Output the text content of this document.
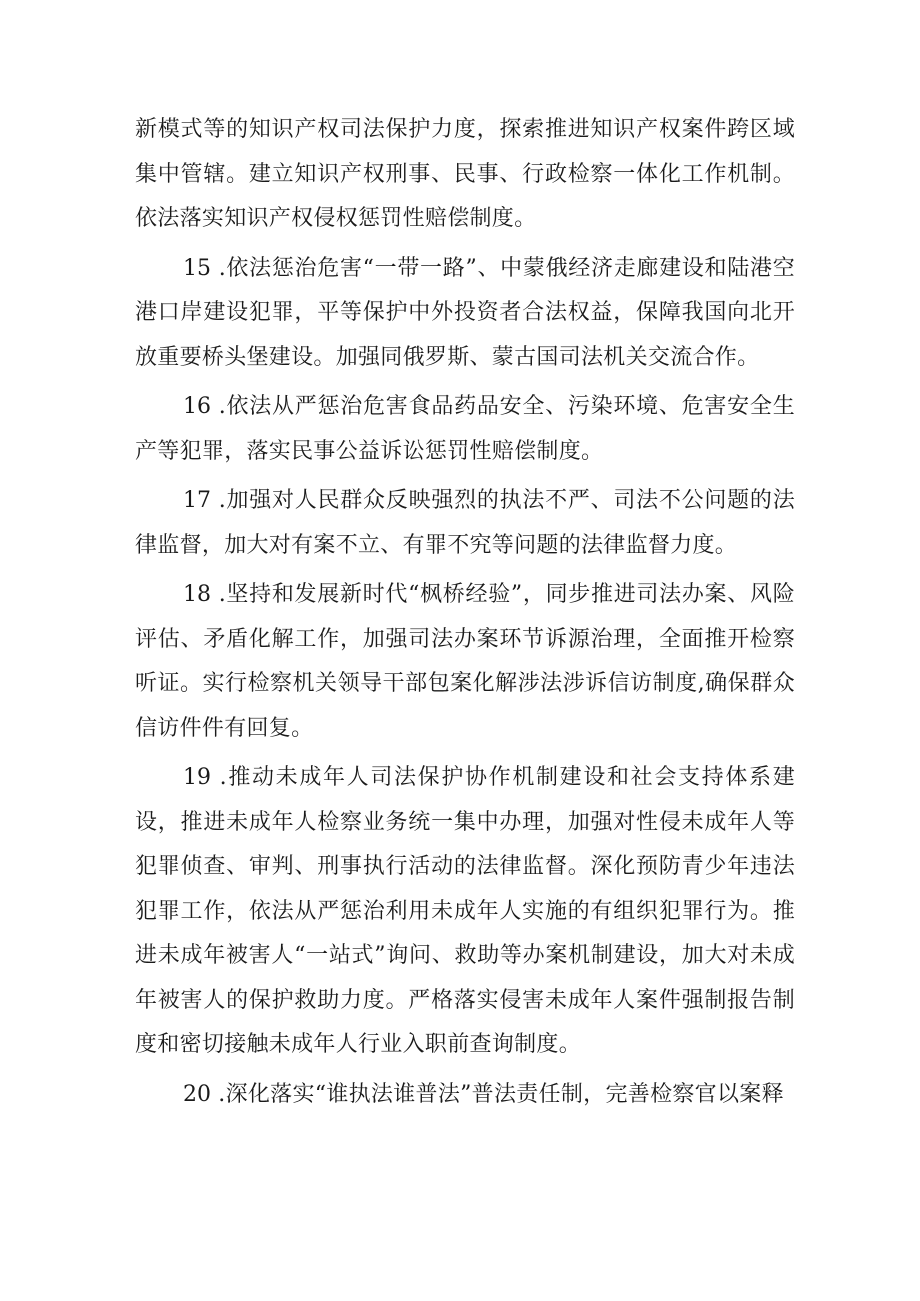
新模式等的知识产权司法保护力度，探索推进知识产权案件跨区域集中管辖。建立知识产权刑事、民事、行政检察一体化工作机制。依法落实知识产权侵权惩罚性赔偿制度。

15 .依法惩治危害“一带一路”、中蒙俄经济走廊建设和陆港空港口岸建设犯罪，平等保护中外投资者合法权益，保障我国向北开放重要桥头堡建设。加强同俄罗斯、蒙古国司法机关交流合作。

16 .依法从严惩治危害食品药品安全、污染环境、危害安全生产等犯罪，落实民事公益诉讼惩罚性赔偿制度。

17 .加强对人民群众反映强烈的执法不严、司法不公问题的法律监督，加大对有案不立、有罪不究等问题的法律监督力度。

18 .坚持和发展新时代“枫桥经验”，同步推进司法办案、风险评估、矛盾化解工作，加强司法办案环节诉源治理，全面推开检察听证。实行检察机关领导干部包案化解涉法涉诉信访制度,确保群众信访件件有回复。

19 .推动未成年人司法保护协作机制建设和社会支持体系建设，推进未成年人检察业务统一集中办理，加强对性侵未成年人等犯罪侦查、审判、刑事执行活动的法律监督。深化预防青少年违法犯罪工作，依法从严惩治利用未成年人实施的有组织犯罪行为。推进未成年被害人“一站式”询问、救助等办案机制建设，加大对未成年被害人的保护救助力度。严格落实侵害未成年人案件强制报告制度和密切接触未成年人行业入职前查询制度。

20 .深化落实“谁执法谁普法”普法责任制，完善检察官以案释
